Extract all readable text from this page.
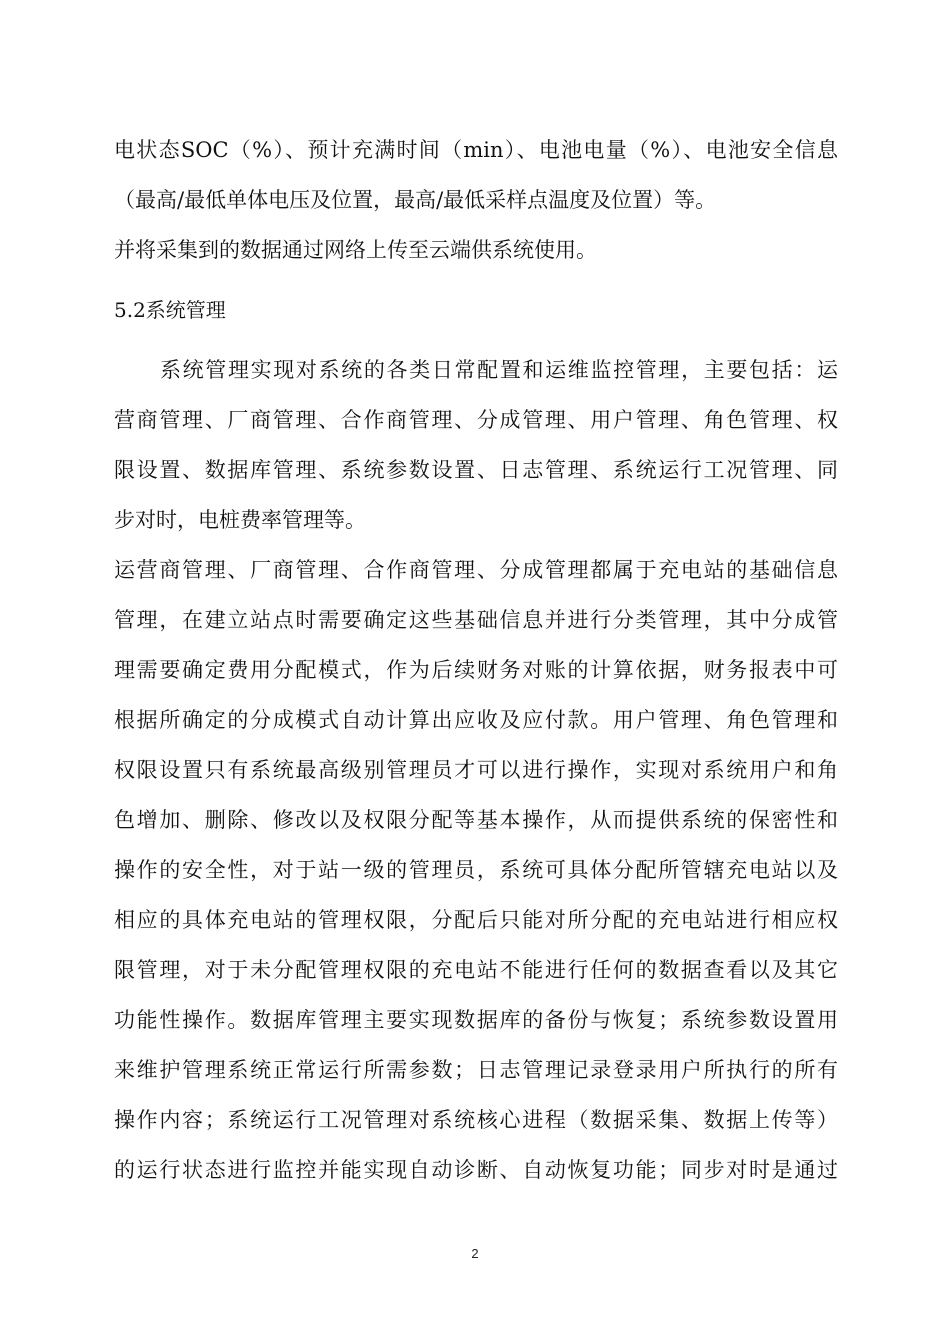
电状态SOC（%）、预计充满时间（min）、电池电量（%）、电池安全信息
（最高/最低单体电压及位置，最高/最低采样点温度及位置）等。
并将采集到的数据通过网络上传至云端供系统使用。
5.2系统管理
系统管理实现对系统的各类日常配置和运维监控管理，主要包括：运
营商管理、厂商管理、合作商管理、分成管理、用户管理、角色管理、权
限设置、数据库管理、系统参数设置、日志管理、系统运行工况管理、同
步对时，电桩费率管理等。
运营商管理、厂商管理、合作商管理、分成管理都属于充电站的基础信息
管理，在建立站点时需要确定这些基础信息并进行分类管理，其中分成管
理需要确定费用分配模式，作为后续财务对账的计算依据，财务报表中可
根据所确定的分成模式自动计算出应收及应付款。用户管理、角色管理和
权限设置只有系统最高级别管理员才可以进行操作，实现对系统用户和角
色增加、删除、修改以及权限分配等基本操作，从而提供系统的保密性和
操作的安全性，对于站一级的管理员，系统可具体分配所管辖充电站以及
相应的具体充电站的管理权限，分配后只能对所分配的充电站进行相应权
限管理，对于未分配管理权限的充电站不能进行任何的数据查看以及其它
功能性操作。数据库管理主要实现数据库的备份与恢复；系统参数设置用
来维护管理系统正常运行所需参数；日志管理记录登录用户所执行的所有
操作内容；系统运行工况管理对系统核心进程（数据采集、数据上传等）
的运行状态进行监控并能实现自动诊断、自动恢复功能；同步对时是通过
2
